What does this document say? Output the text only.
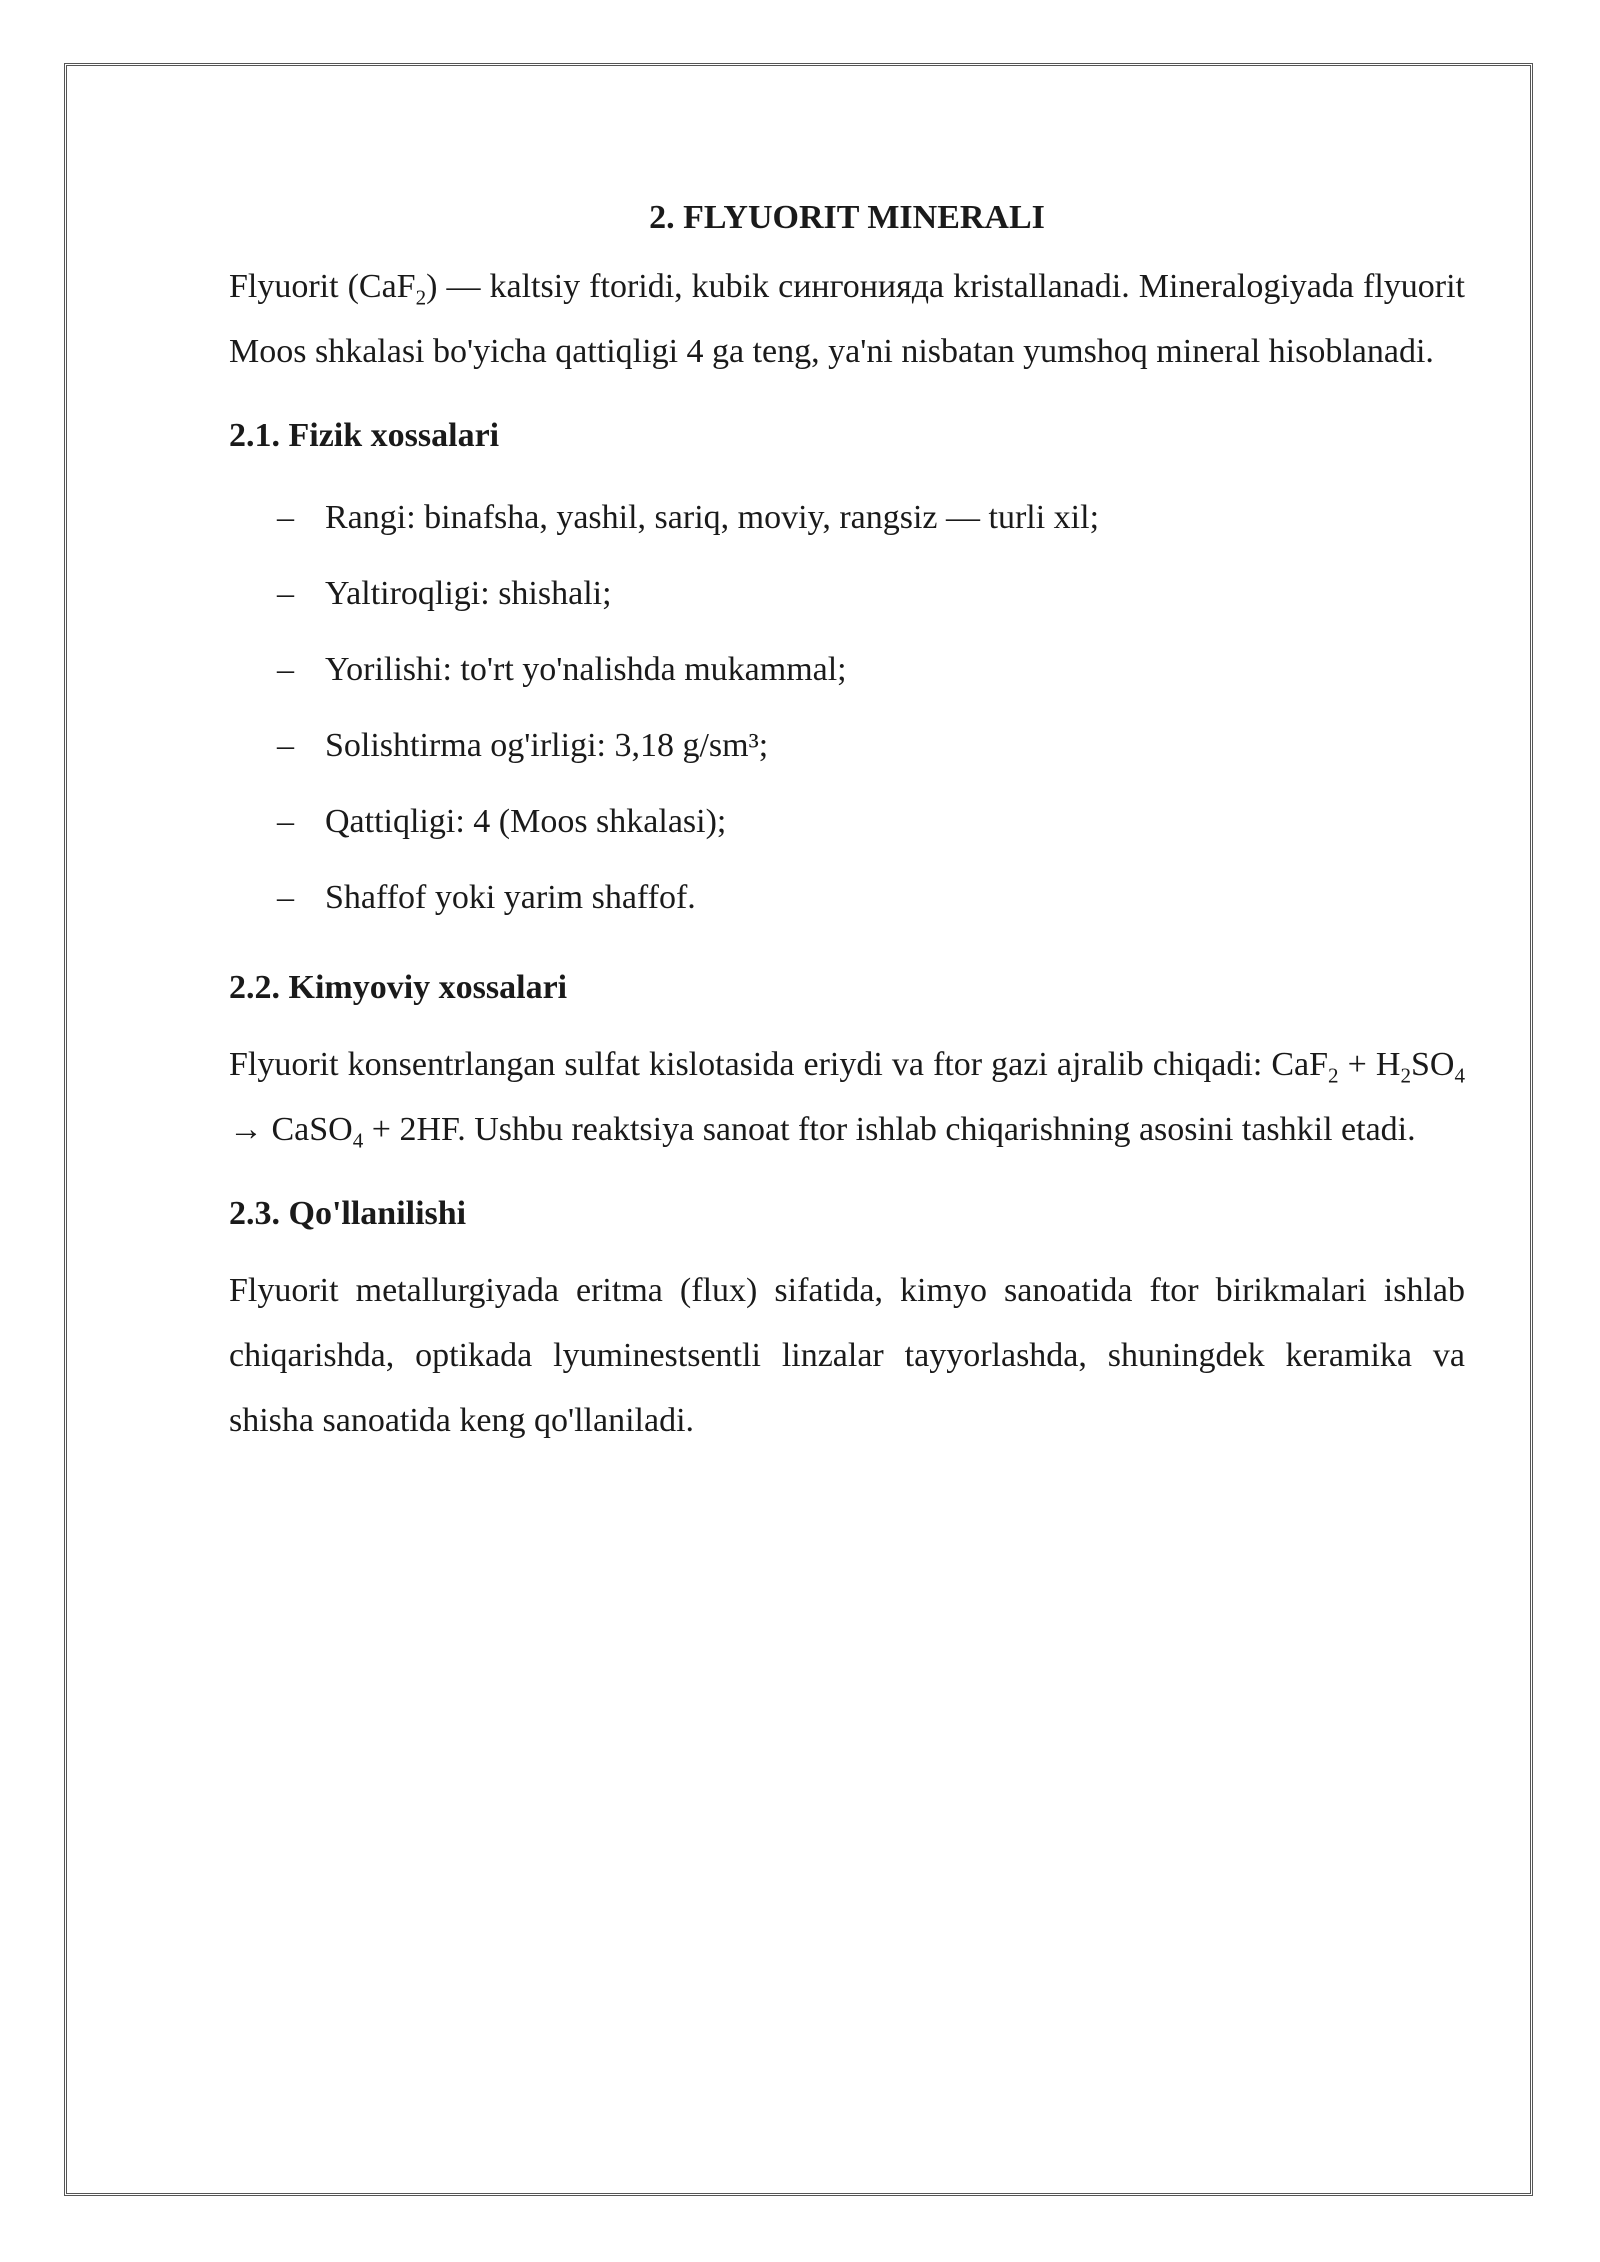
2. FLYUORIT MINERALI

Flyuorit (CaF$_2$) — kaltsiy ftoridi, kubik сингонияда kristallanadi. Mineralogiyada flyuorit Moos shkalasi bo'yicha qattiqligi 4 ga teng, ya'ni nisbatan yumshoq mineral hisoblanadi.

2.1. Fizik xossalari
– Rangi: binafsha, yashil, sariq, moviy, rangsiz — turli xil;
– Yaltiroqligi: shishali;
– Yorilishi: to'rt yo'nalishda mukammal;
– Solishtirma og'irligi: 3,18 g/sm³;
– Qattiqligi: 4 (Moos shkalasi);
– Shaffof yoki yarim shaffof.
2.2. Kimyoviy xossalari

Flyuorit konsentrlangan sulfat kislotasida eriydi va ftor gazi ajralib chiqadi: $CaF_2 + H_2SO_4$ → CaSO$_4$ + 2HF. Ushbu reaktsiya sanoat ftor ishlab chiqarishning asosini tashkil etadi.

2.3. Qo'llanilishi

Flyuorit metallurgiyada eritma (flux) sifatida, kimyo sanoatida ftor birikmalari ishlab chiqarishda, optikada lyuminestsentli linzalar tayyorlashda, shuningdek keramika va shisha sanoatida keng qo'llaniladi.
